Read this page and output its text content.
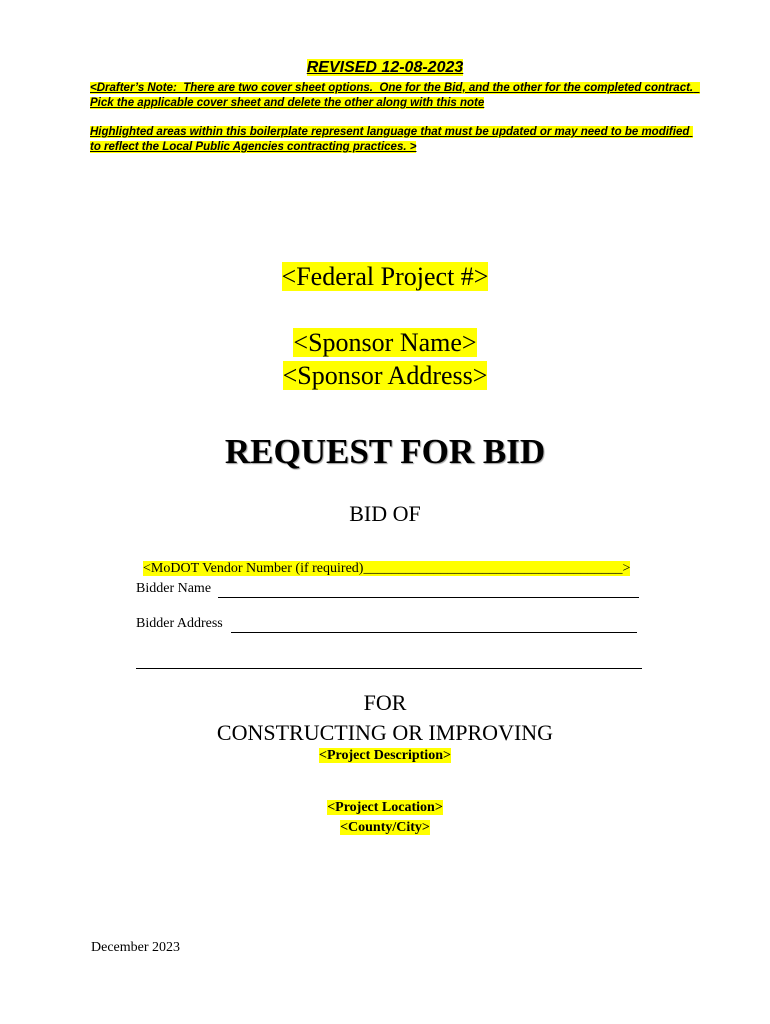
REVISED 12-08-2023
<Drafter’s Note:  There are two cover sheet options.  One for the Bid, and the other for the completed contract.  Pick the applicable cover sheet and delete the other along with this note
Highlighted areas within this boilerplate represent language that must be updated or may need to be modified to reflect the Local Public Agencies contracting practices. >
<Federal Project #>
<Sponsor Name>
<Sponsor Address>
REQUEST FOR BID
BID OF

<MoDOT Vendor Number (if required)_____________________________________>

Bidder Name
Bidder Address
FOR
CONSTRUCTING OR IMPROVING
<Project Description>
<Project Location>
<County/City>
December 2023
